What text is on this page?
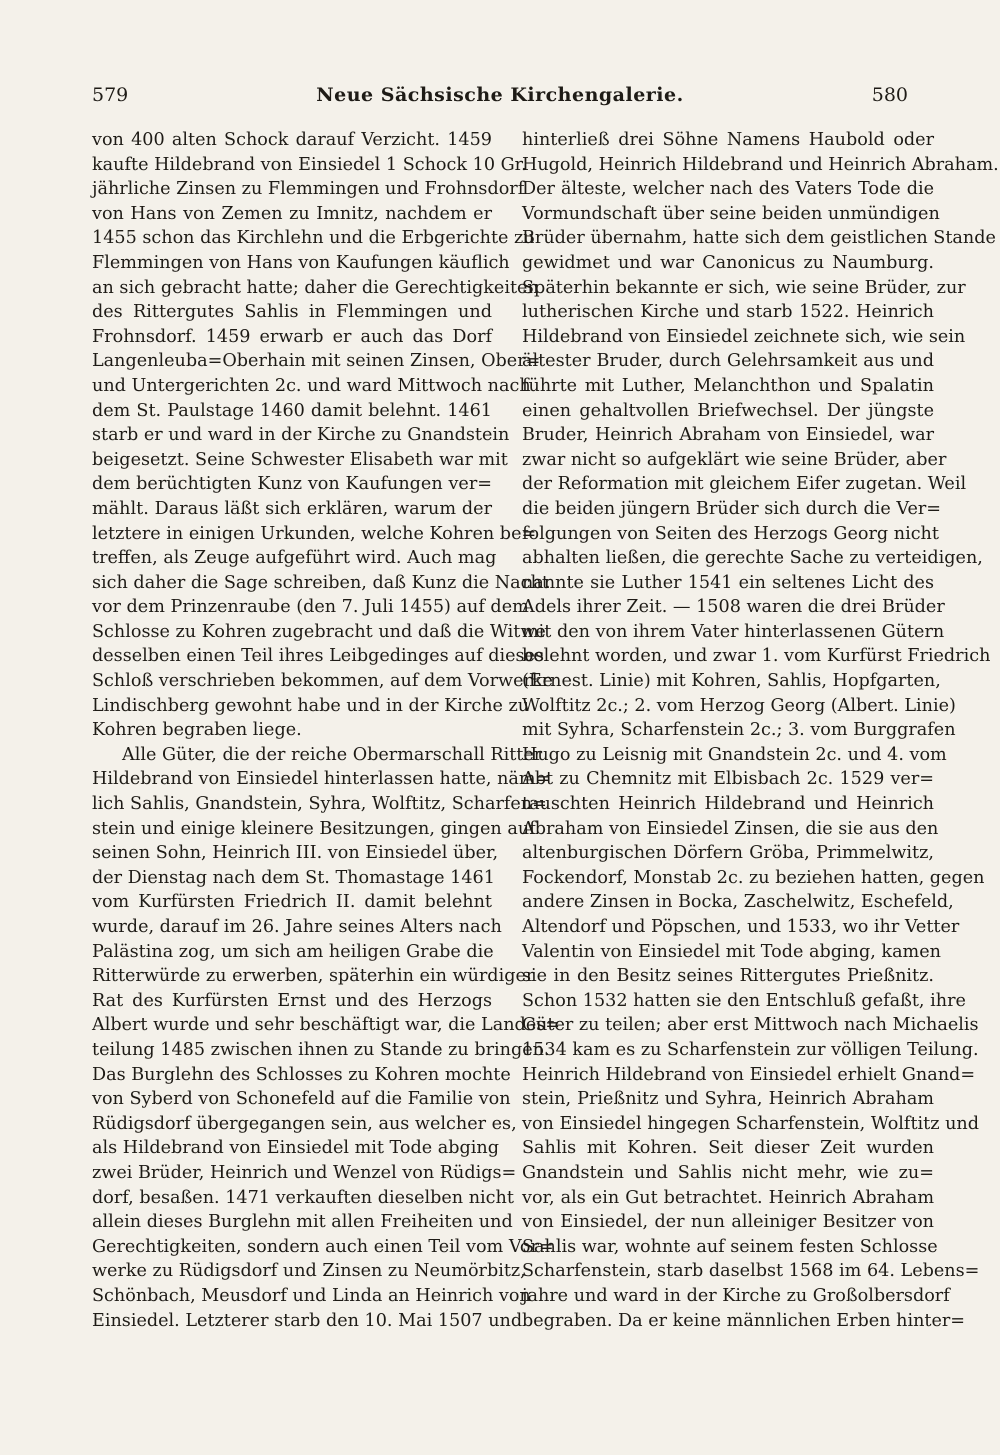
579	Neue Sächsische Kirchengalerie.	580

von 400 alten Schock darauf Verzicht. 1459

kaufte Hildebrand von Einsiedel 1 Schock 10 Gr.

jährliche Zinsen zu Flemmingen und Frohnsdorf

von Hans von Zemen zu Imnitz, nachdem er

1455 schon das Kirchlehn und die Erbgerichte zu

Flemmingen von Hans von Kaufungen käuflich

an sich gebracht hatte; daher die Gerechtigkeiten

des Rittergutes Sahlis in Flemmingen und

Frohnsdorf. 1459 erwarb er auch das Dorf

Langenleuba=Oberhain mit seinen Zinsen, Ober=

und Untergerichten 2c. und ward Mittwoch nach

dem St. Paulstage 1460 damit belehnt. 1461

starb er und ward in der Kirche zu Gnandstein

beigesetzt. Seine Schwester Elisabeth war mit

dem berüchtigten Kunz von Kaufungen ver=

mählt. Daraus läßt sich erklären, warum der

letztere in einigen Urkunden, welche Kohren be=

treffen, als Zeuge aufgeführt wird. Auch mag

sich daher die Sage schreiben, daß Kunz die Nacht

vor dem Prinzenraube (den 7. Juli 1455) auf dem

Schlosse zu Kohren zugebracht und daß die Witwe

desselben einen Teil ihres Leibgedinges auf dieses

Schloß verschrieben bekommen, auf dem Vorwerke

Lindischberg gewohnt habe und in der Kirche zu

Kohren begraben liege.

Alle Güter, die der reiche Obermarschall Ritter

Hildebrand von Einsiedel hinterlassen hatte, näm=

lich Sahlis, Gnandstein, Syhra, Wolftitz, Scharfen=

stein und einige kleinere Besitzungen, gingen auf

seinen Sohn, Heinrich III. von Einsiedel über,

der Dienstag nach dem St. Thomastage 1461

vom Kurfürsten Friedrich II. damit belehnt

wurde, darauf im 26. Jahre seines Alters nach

Palästina zog, um sich am heiligen Grabe die

Ritterwürde zu erwerben, späterhin ein würdiger

Rat des Kurfürsten Ernst und des Herzogs

Albert wurde und sehr beschäftigt war, die Landes=

teilung 1485 zwischen ihnen zu Stande zu bringen.

Das Burglehn des Schlosses zu Kohren mochte

von Syberd von Schonefeld auf die Familie von

Rüdigsdorf übergegangen sein, aus welcher es,

als Hildebrand von Einsiedel mit Tode abging

zwei Brüder, Heinrich und Wenzel von Rüdigs=

dorf, besaßen. 1471 verkauften dieselben nicht

allein dieses Burglehn mit allen Freiheiten und

Gerechtigkeiten, sondern auch einen Teil vom Vor=

werke zu Rüdigsdorf und Zinsen zu Neumörbitz,

Schönbach, Meusdorf und Linda an Heinrich von

Einsiedel. Letzterer starb den 10. Mai 1507 und

hinterließ drei Söhne Namens Haubold oder

Hugold, Heinrich Hildebrand und Heinrich Abraham.

Der älteste, welcher nach des Vaters Tode die

Vormundschaft über seine beiden unmündigen

Brüder übernahm, hatte sich dem geistlichen Stande

gewidmet und war Canonicus zu Naumburg.

Späterhin bekannte er sich, wie seine Brüder, zur

lutherischen Kirche und starb 1522. Heinrich

Hildebrand von Einsiedel zeichnete sich, wie sein

ältester Bruder, durch Gelehrsamkeit aus und

führte mit Luther, Melanchthon und Spalatin

einen gehaltvollen Briefwechsel. Der jüngste

Bruder, Heinrich Abraham von Einsiedel, war

zwar nicht so aufgeklärt wie seine Brüder, aber

der Reformation mit gleichem Eifer zugetan. Weil

die beiden jüngern Brüder sich durch die Ver=

folgungen von Seiten des Herzogs Georg nicht

abhalten ließen, die gerechte Sache zu verteidigen,

nannte sie Luther 1541 ein seltenes Licht des

Adels ihrer Zeit. — 1508 waren die drei Brüder

mit den von ihrem Vater hinterlassenen Gütern

belehnt worden, und zwar 1. vom Kurfürst Friedrich

(Ernest. Linie) mit Kohren, Sahlis, Hopfgarten,

Wolftitz 2c.; 2. vom Herzog Georg (Albert. Linie)

mit Syhra, Scharfenstein 2c.; 3. vom Burggrafen

Hugo zu Leisnig mit Gnandstein 2c. und 4. vom

Abt zu Chemnitz mit Elbisbach 2c. 1529 ver=

tauschten Heinrich Hildebrand und Heinrich

Abraham von Einsiedel Zinsen, die sie aus den

altenburgischen Dörfern Gröba, Primmelwitz,

Fockendorf, Monstab 2c. zu beziehen hatten, gegen

andere Zinsen in Bocka, Zaschelwitz, Eschefeld,

Altendorf und Pöpschen, und 1533, wo ihr Vetter

Valentin von Einsiedel mit Tode abging, kamen

sie in den Besitz seines Rittergutes Prießnitz.

Schon 1532 hatten sie den Entschluß gefaßt, ihre

Güter zu teilen; aber erst Mittwoch nach Michaelis

1534 kam es zu Scharfenstein zur völligen Teilung.

Heinrich Hildebrand von Einsiedel erhielt Gnand=

stein, Prießnitz und Syhra, Heinrich Abraham

von Einsiedel hingegen Scharfenstein, Wolftitz und

Sahlis mit Kohren. Seit dieser Zeit wurden

Gnandstein und Sahlis nicht mehr, wie zu=

vor, als ein Gut betrachtet. Heinrich Abraham

von Einsiedel, der nun alleiniger Besitzer von

Sahlis war, wohnte auf seinem festen Schlosse

Scharfenstein, starb daselbst 1568 im 64. Lebens=

jahre und ward in der Kirche zu Großolbersdorf

begraben. Da er keine männlichen Erben hinter=
